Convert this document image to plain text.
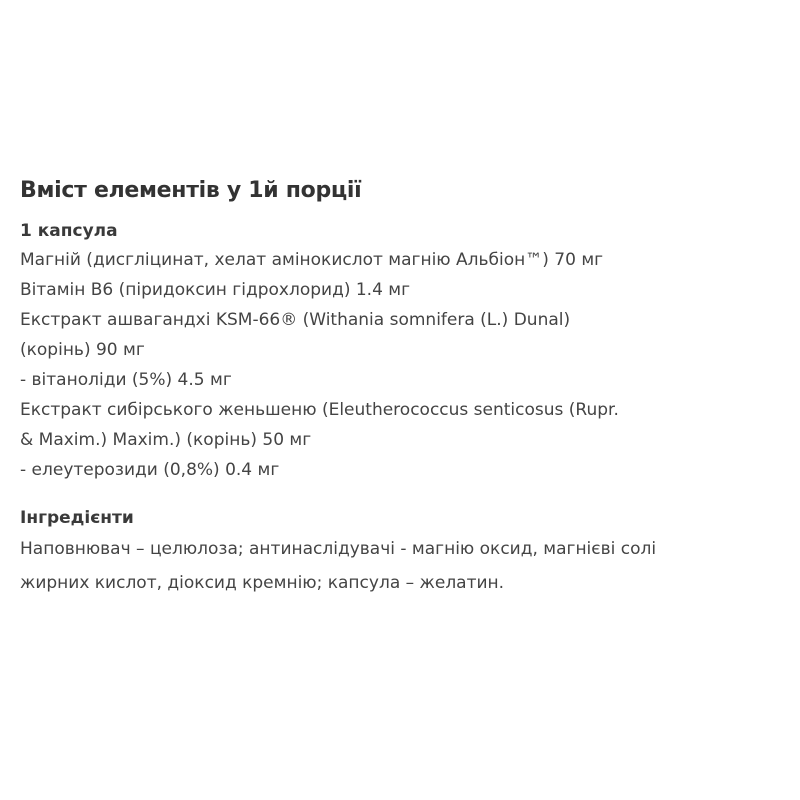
Вміст елементів у 1й порції

1 капсула

Магній (дисгліцинат, хелат амінокислот магнію Альбіон™) 70 мг

Вітамін B6 (піридоксин гідрохлорид) 1.4 мг

Екстракт ашвагандхі KSM-66® (Withania somnifera (L.) Dunal)

(корінь) 90 мг

- вітаноліди (5%) 4.5 мг

Екстракт сибірського женьшеню (Eleutherococcus senticosus (Rupr.

& Maxim.) Maxim.) (корінь) 50 мг

- елеутерозиди (0,8%) 0.4 мг

Інгредієнти

Наповнювач – целюлоза; антинаслідувачі - магнію оксид, магнієві солі

жирних кислот, діоксид кремнію; капсула – желатин.
